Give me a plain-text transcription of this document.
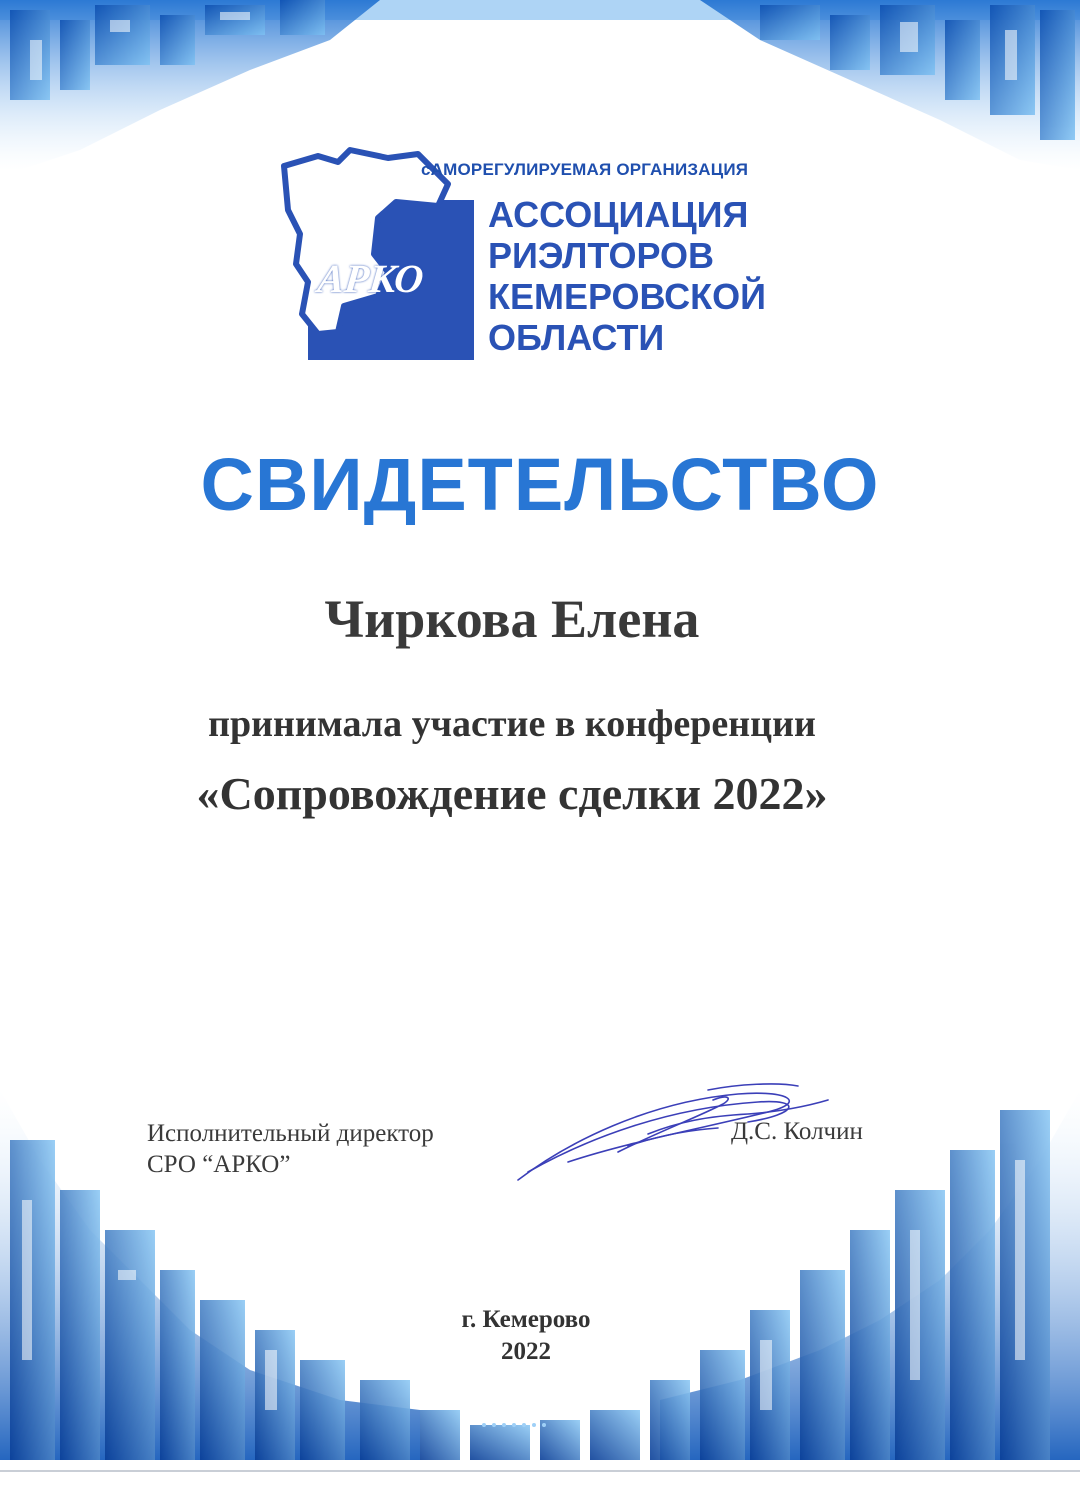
сАМОРЕГУЛИРУЕМАЯ ОРГАНИЗАЦИЯ
АССОЦИАЦИЯ
РИЭЛТОРОВ
КЕМЕРОВСКОЙ
ОБЛАСТИ
АРКО
СВИДЕТЕЛЬСТВО
Чиркова Елена
принимала участие в конференции
«Сопровождение сделки 2022»
Исполнительный директор
СРО “АРКО”
Д.С. Колчин
г. Кемерово
2022
